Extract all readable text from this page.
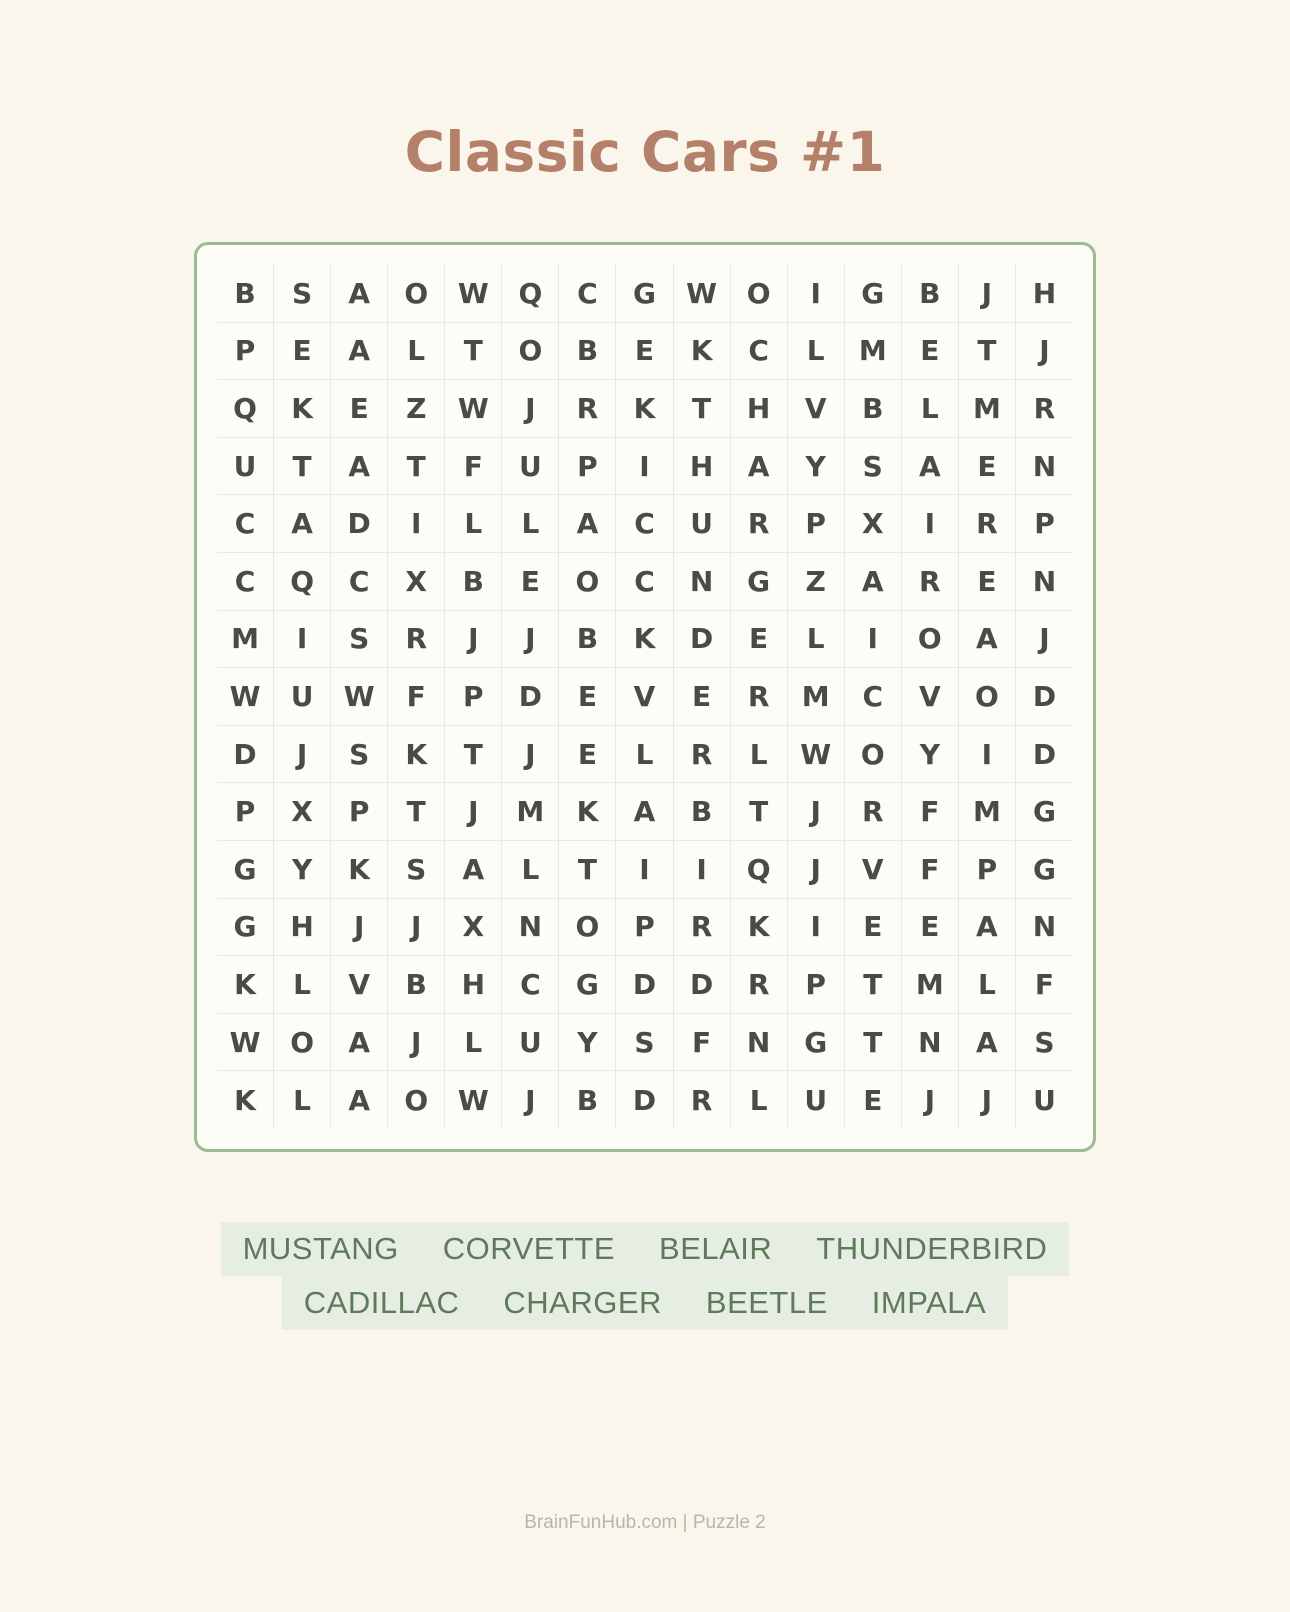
Classic Cars #1
B	S	A	O	W	Q	C	G	W	O	I	G	B	J	H
P	E	A	L	T	O	B	E	K	C	L	M	E	T	J
Q	K	E	Z	W	J	R	K	T	H	V	B	L	M	R
U	T	A	T	F	U	P	I	H	A	Y	S	A	E	N
C	A	D	I	L	L	A	C	U	R	P	X	I	R	P
C	Q	C	X	B	E	O	C	N	G	Z	A	R	E	N
M	I	S	R	J	J	B	K	D	E	L	I	O	A	J
W	U	W	F	P	D	E	V	E	R	M	C	V	O	D
D	J	S	K	T	J	E	L	R	L	W	O	Y	I	D
P	X	P	T	J	M	K	A	B	T	J	R	F	M	G
G	Y	K	S	A	L	T	I	I	Q	J	V	F	P	G
G	H	J	J	X	N	O	P	R	K	I	E	E	A	N
K	L	V	B	H	C	G	D	D	R	P	T	M	L	F
W	O	A	J	L	U	Y	S	F	N	G	T	N	A	S
K	L	A	O	W	J	B	D	R	L	U	E	J	J	U
MUSTANG	CORVETTE	BELAIR	THUNDERBIRD
CADILLAC	CHARGER	BEETLE	IMPALA
BrainFunHub.com | Puzzle 2
